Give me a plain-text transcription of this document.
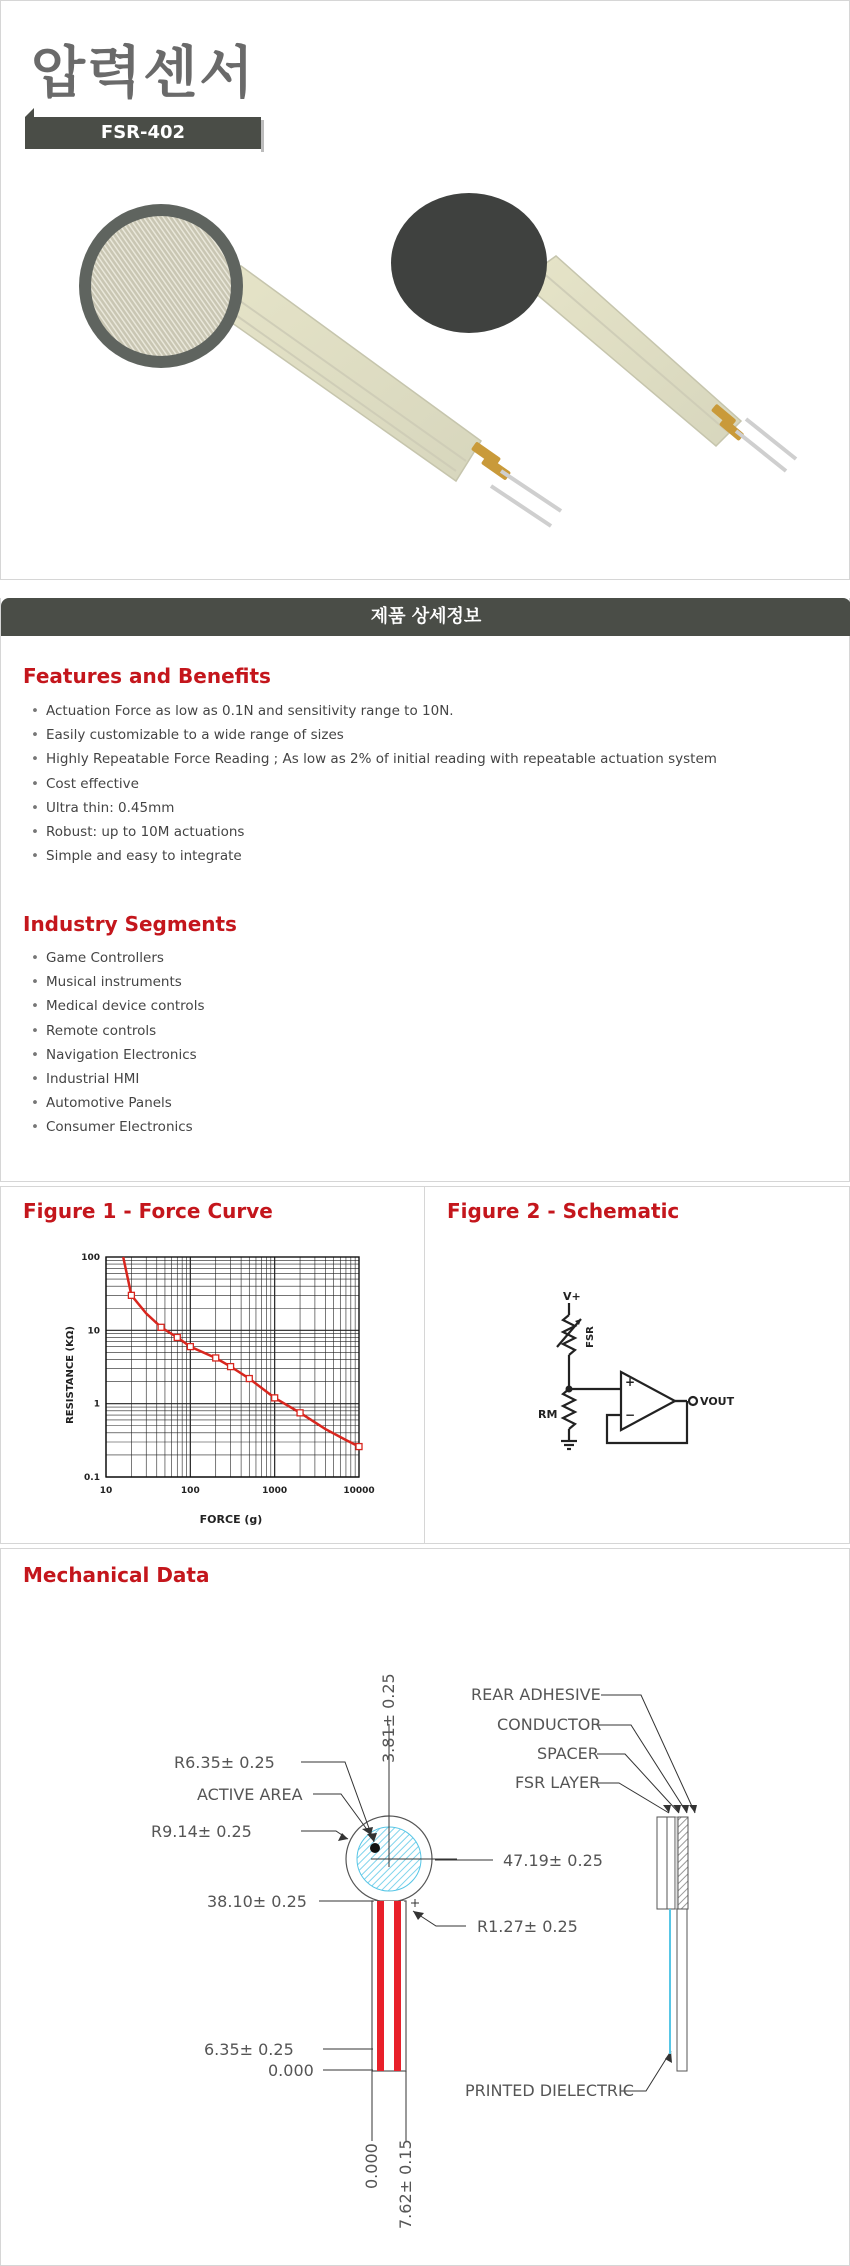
압력센서
FSR-402
제품 상세정보
Features and Benefits
• Actuation Force as low as 0.1N and sensitivity range to 10N.
• Easily customizable to a wide range of sizes
• Highly Repeatable Force Reading ; As low as 2% of initial reading with repeatable actuation system
• Cost effective
• Ultra thin: 0.45mm
• Robust: up to 10M actuations
• Simple and easy to integrate
Industry Segments
• Game Controllers
• Musical instruments
• Medical device controls
• Remote controls
• Navigation Electronics
• Industrial HMI
• Automotive Panels
• Consumer Electronics
Figure 1 - Force Curve
10	100	1000	10000
100
10
1
0.1
FORCE (g)
RESISTANCE (KΩ)
Figure 2 - Schematic
V+
FSR
RM
VOUT
+
−
Mechanical Data
3.81± 0.25
R6.35± 0.25
ACTIVE AREA
R9.14± 0.25
47.19± 0.25
38.10± 0.25
R1.27± 0.25
6.35± 0.25
0.000
0.000 7.62± 0.15
REAR ADHESIVE
CONDUCTOR
SPACER
FSR LAYER
PRINTED DIELECTRIC
